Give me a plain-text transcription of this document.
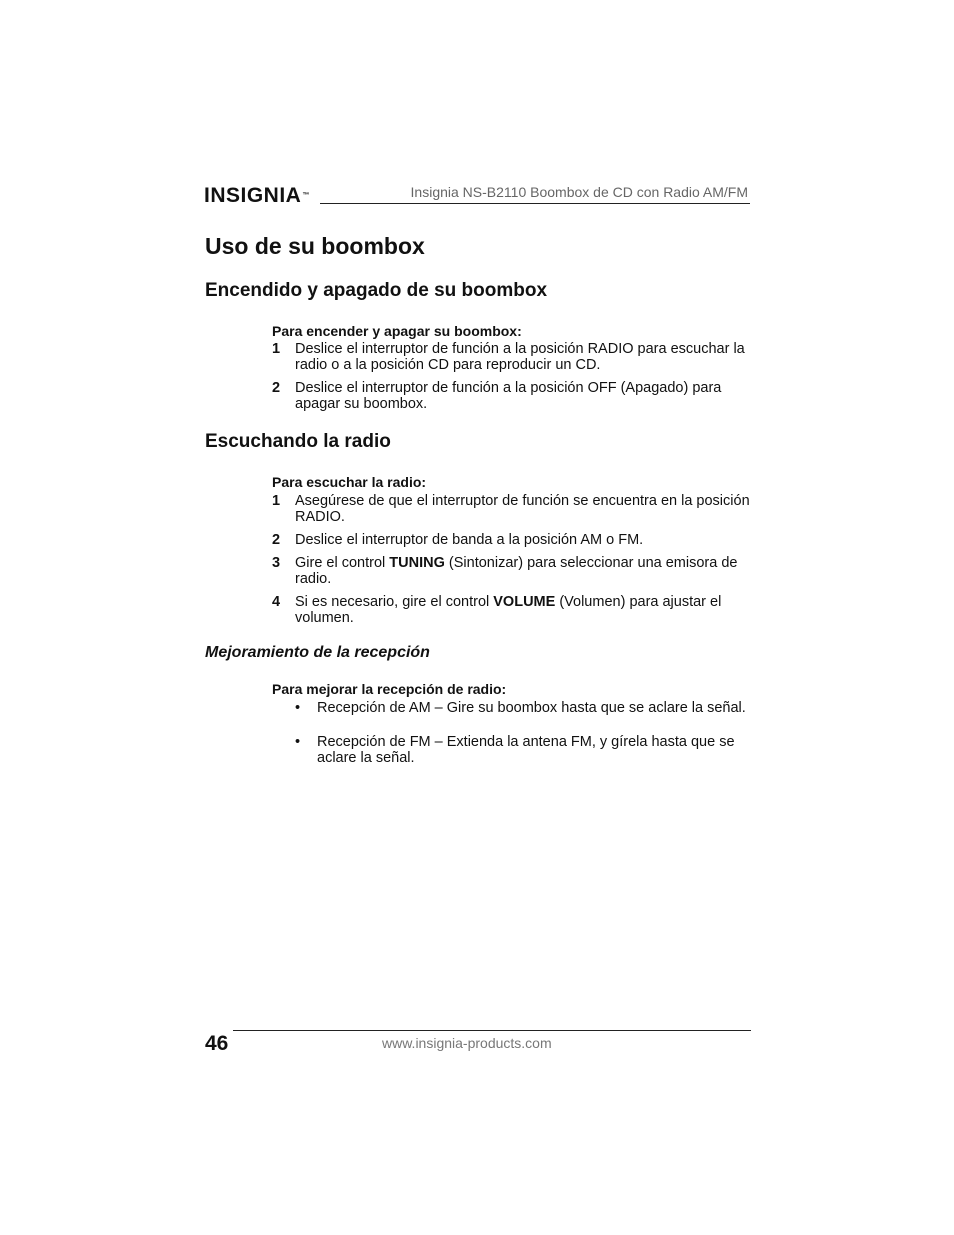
INSIGNIA™	Insignia NS-B2110 Boombox de CD con Radio AM/FM
Uso de su boombox
Encendido y apagado de su boombox
Para encender y apagar su boombox:
1 Deslice el interruptor de función a la posición RADIO para escuchar la radio o a la posición CD para reproducir un CD.
2 Deslice el interruptor de función a la posición OFF (Apagado) para apagar su boombox.
Escuchando la radio
Para escuchar la radio:
1 Asegúrese de que el interruptor de función se encuentra en la posición RADIO.
2 Deslice el interruptor de banda a la posición AM o FM.
3 Gire el control TUNING (Sintonizar) para seleccionar una emisora de radio.
4 Si es necesario, gire el control VOLUME (Volumen) para ajustar el volumen.
Mejoramiento de la recepción
Para mejorar la recepción de radio:
• Recepción de AM – Gire su boombox hasta que se aclare la señal.
• Recepción de FM – Extienda la antena FM, y gírela hasta que se aclare la señal.
46	www.insignia-products.com
